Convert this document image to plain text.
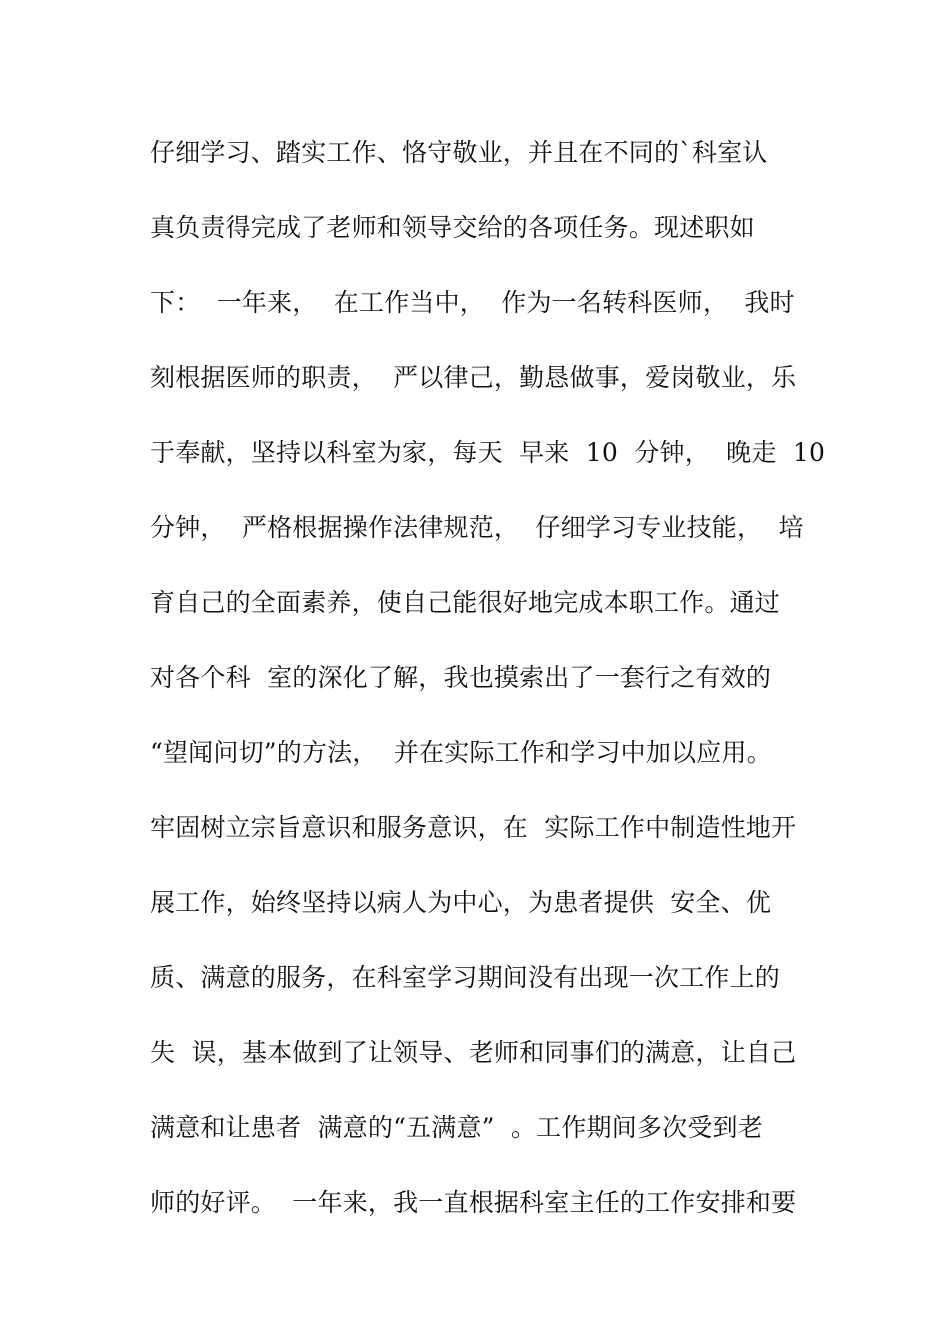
仔细学习、踏实工作、恪守敬业，并且在不同的`科室认
真负责得完成了老师和领导交给的各项任务。现述职如
下：  一年来，  在工作当中，  作为一名转科医师，  我时
刻根据医师的职责，  严以律己，勤恳做事，爱岗敬业，乐
于奉献，坚持以科室为家，每天  早来  10  分钟，  晚走  10
分钟，  严格根据操作法律规范，  仔细学习专业技能，  培
育自己的全面素养，使自己能很好地完成本职工作。通过
对各个科  室的深化了解，我也摸索出了一套行之有效的
“望闻问切”的方法，  并在实际工作和学习中加以应用。
牢固树立宗旨意识和服务意识，在  实际工作中制造性地开
展工作，始终坚持以病人为中心，为患者提供  安全、优
质、满意的服务，在科室学习期间没有出现一次工作上的
失  误，基本做到了让领导、老师和同事们的满意，让自己
满意和让患者  满意的“五满意”  。工作期间多次受到老
师的好评。  一年来，我一直根据科室主任的工作安排和要
